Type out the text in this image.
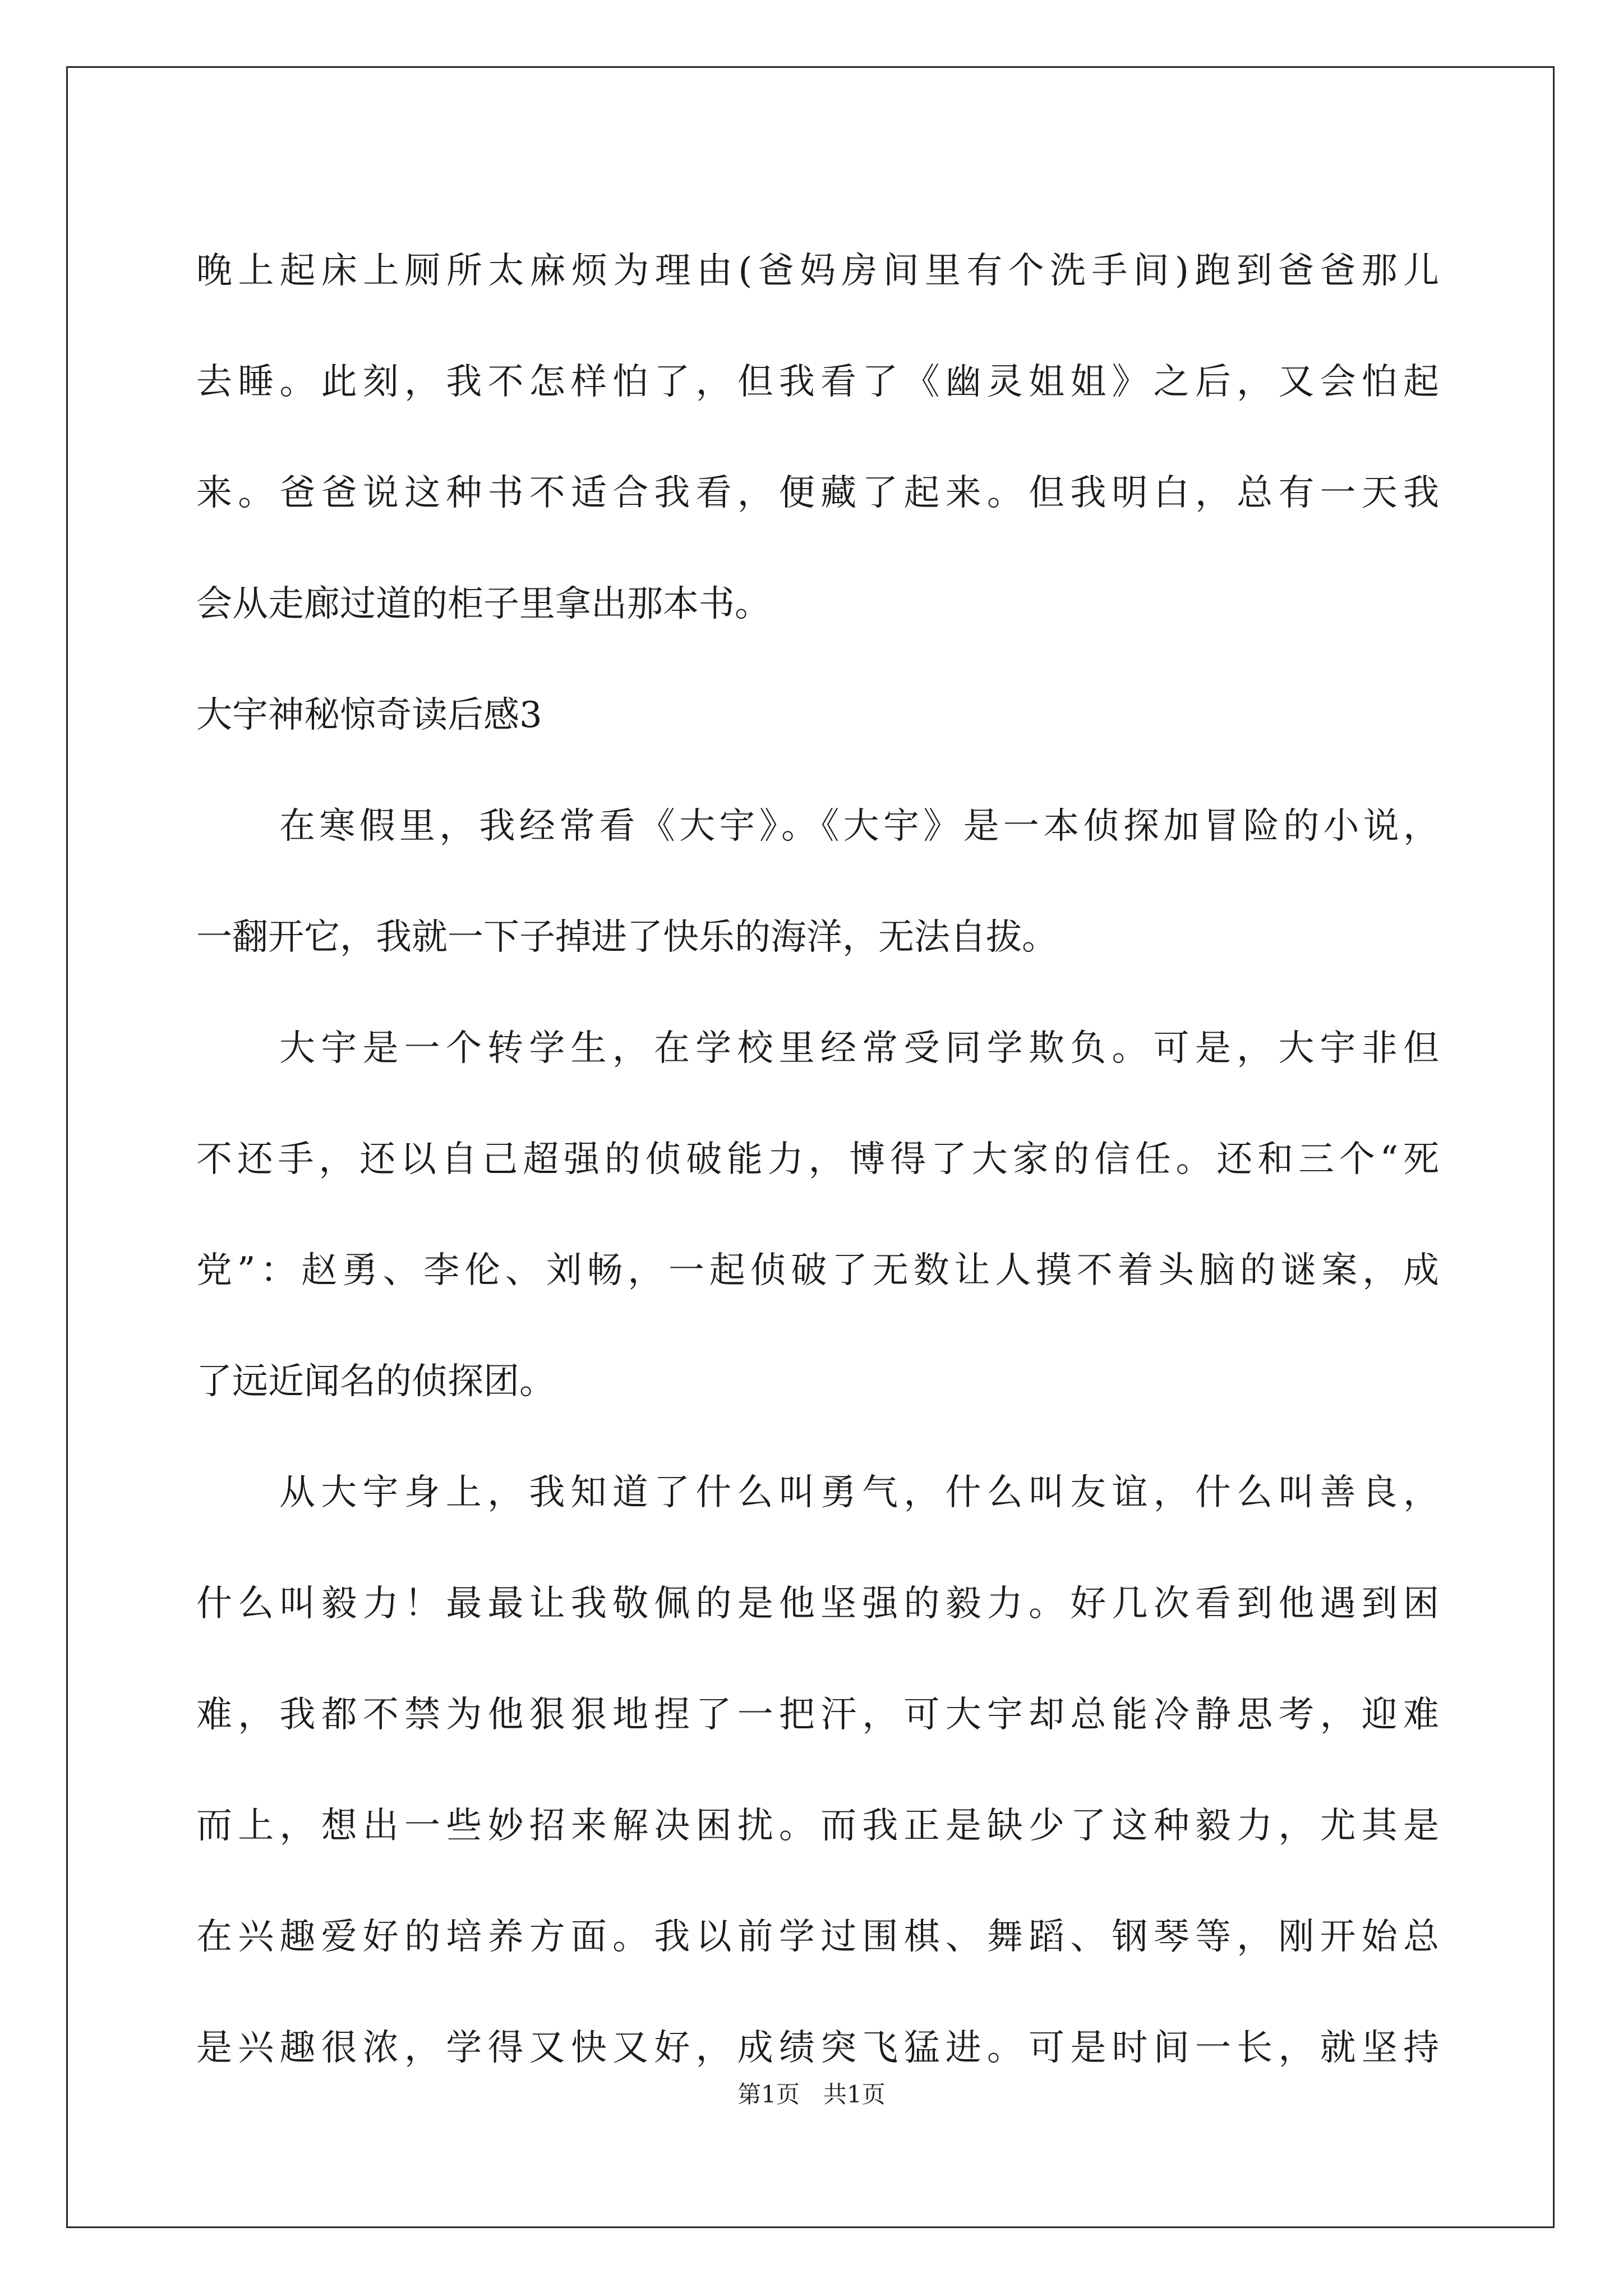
晚上起床上厕所太麻烦为理由(爸妈房间里有个洗手间)跑到爸爸那儿
去睡。此刻，我不怎样怕了，但我看了《幽灵姐姐》之后，又会怕起
来。爸爸说这种书不适合我看，便藏了起来。但我明白，总有一天我
会从走廊过道的柜子里拿出那本书。
大宇神秘惊奇读后感3
在寒假里，我经常看《大宇》。《大宇》是一本侦探加冒险的小说，
一翻开它，我就一下子掉进了快乐的海洋，无法自拔。
大宇是一个转学生，在学校里经常受同学欺负。可是，大宇非但
不还手，还以自己超强的侦破能力，博得了大家的信任。还和三个“死
党”：赵勇、李伦、刘畅，一起侦破了无数让人摸不着头脑的谜案，成
了远近闻名的侦探团。
从大宇身上，我知道了什么叫勇气，什么叫友谊，什么叫善良，
什么叫毅力！最最让我敬佩的是他坚强的毅力。好几次看到他遇到困
难，我都不禁为他狠狠地捏了一把汗，可大宇却总能冷静思考，迎难
而上，想出一些妙招来解决困扰。而我正是缺少了这种毅力，尤其是
在兴趣爱好的培养方面。我以前学过围棋、舞蹈、钢琴等，刚开始总
是兴趣很浓，学得又快又好，成绩突飞猛进。可是时间一长，就坚持
第1页　共1页
